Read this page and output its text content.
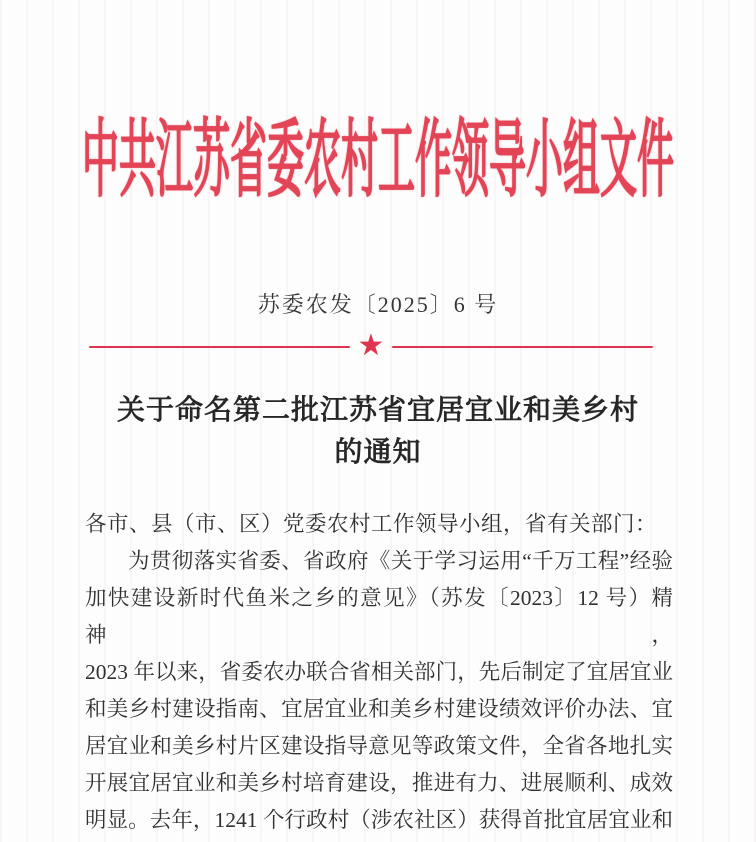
中共江苏省委农村工作领导小组文件
苏委农发〔2025〕6 号
★
关于命名第二批江苏省宜居宜业和美乡村
的通知
各市、县（市、区）党委农村工作领导小组，省有关部门：
为贯彻落实省委、省政府《关于学习运用“千万工程”经验
加快建设新时代鱼米之乡的意见》（苏发〔2023〕12 号）精神，
2023 年以来，省委农办联合省相关部门，先后制定了宜居宜业
和美乡村建设指南、宜居宜业和美乡村建设绩效评价办法、宜
居宜业和美乡村片区建设指导意见等政策文件，全省各地扎实
开展宜居宜业和美乡村培育建设，推进有力、进展顺利、成效
明显。去年，1241 个行政村（涉农社区）获得首批宜居宜业和
